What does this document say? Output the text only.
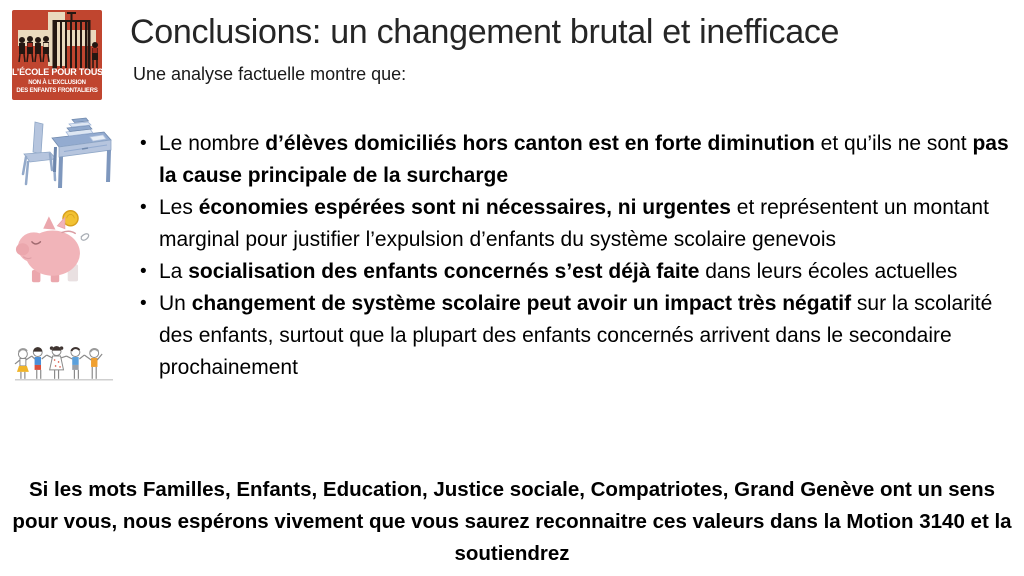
L’ÉCOLE POUR TOUS
NON À L’EXCLUSION
DES ENFANTS FRONTALIERS
Conclusions: un changement brutal et inefficace
Une analyse factuelle montre que:
• Le nombre d’élèves domiciliés hors canton est en forte diminution et qu’ils ne sont pas la cause principale de la surcharge
• Les économies espérées sont ni nécessaires, ni urgentes et représentent un montant marginal pour justifier l’expulsion d’enfants du système scolaire genevois
• La socialisation des enfants concernés s’est déjà faite dans leurs écoles actuelles
• Un changement de système scolaire peut avoir un impact très négatif sur la scolarité des enfants, surtout que la plupart des enfants concernés arrivent dans le secondaire prochainement
Si les mots Familles, Enfants, Education, Justice sociale, Compatriotes, Grand Genève ont un sens pour vous, nous espérons vivement que vous saurez reconnaitre ces valeurs dans la Motion 3140 et la soutiendrez
